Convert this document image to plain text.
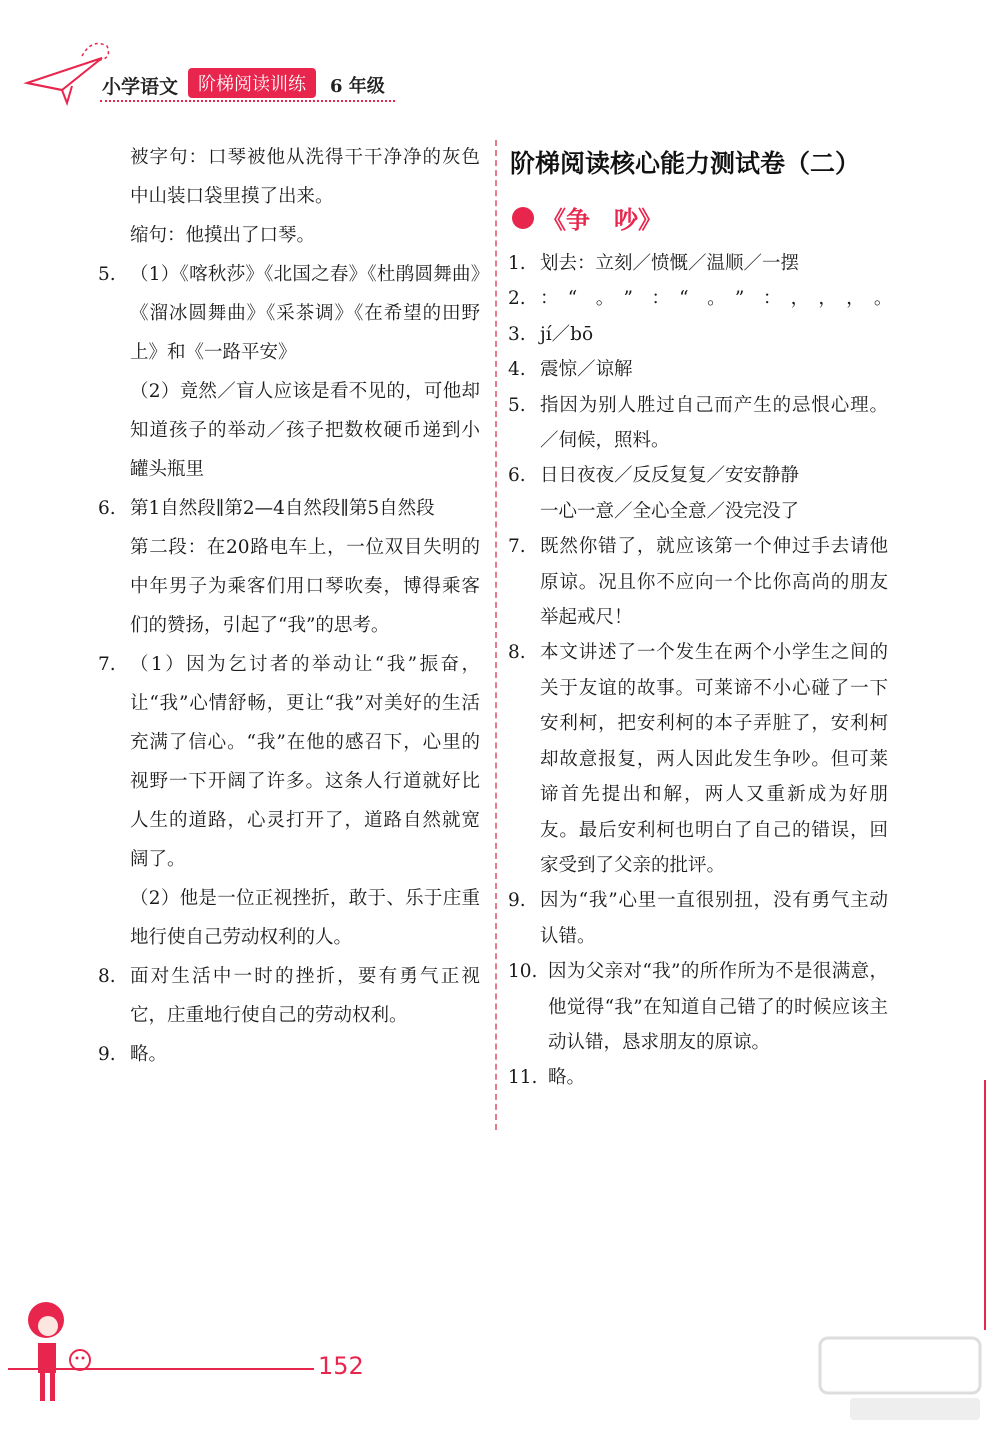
小学语文	阶梯阅读训练	6 年级
被字句：口琴被他从洗得干干净净的灰色中山装口袋里摸了出来。
缩句：他摸出了口琴。
5. （1）《喀秋莎》《北国之春》《杜鹃圆舞曲》《溜冰圆舞曲》《采茶调》《在希望的田野上》和《一路平安》
（2）竟然／盲人应该是看不见的，可他却知道孩子的举动／孩子把数枚硬币递到小罐头瓶里
6. 第1自然段∥第2—4自然段∥第5自然段
第二段：在20路电车上，一位双目失明的中年男子为乘客们用口琴吹奏，博得乘客们的赞扬，引起了“我”的思考。
7. （1）因为乞讨者的举动让“我”振奋，让“我”心情舒畅，更让“我”对美好的生活充满了信心。“我”在他的感召下，心里的视野一下开阔了许多。这条人行道就好比人生的道路，心灵打开了，道路自然就宽阔了。
（2）他是一位正视挫折，敢于、乐于庄重地行使自己劳动权利的人。
8. 面对生活中一时的挫折，要有勇气正视它，庄重地行使自己的劳动权利。
9. 略。
阶梯阅读核心能力测试卷（二）
《争　吵》
1. 划去：立刻／愤慨／温顺／一摆
2. ：　“　。　”　：　“　。　”　：　，　，　，　。
3. jí／bō
4. 震惊／谅解
5. 指因为别人胜过自己而产生的忌恨心理。／伺候，照料。
6. 日日夜夜／反反复复／安安静静
一心一意／全心全意／没完没了
7. 既然你错了，就应该第一个伸过手去请他原谅。况且你不应向一个比你高尚的朋友举起戒尺！
8. 本文讲述了一个发生在两个小学生之间的关于友谊的故事。可莱谛不小心碰了一下安利柯，把安利柯的本子弄脏了，安利柯却故意报复，两人因此发生争吵。但可莱谛首先提出和解，两人又重新成为好朋友。最后安利柯也明白了自己的错误，回家受到了父亲的批评。
9. 因为“我”心里一直很别扭，没有勇气主动认错。
10. 因为父亲对“我”的所作所为不是很满意，他觉得“我”在知道自己错了的时候应该主动认错，恳求朋友的原谅。
11. 略。
152
